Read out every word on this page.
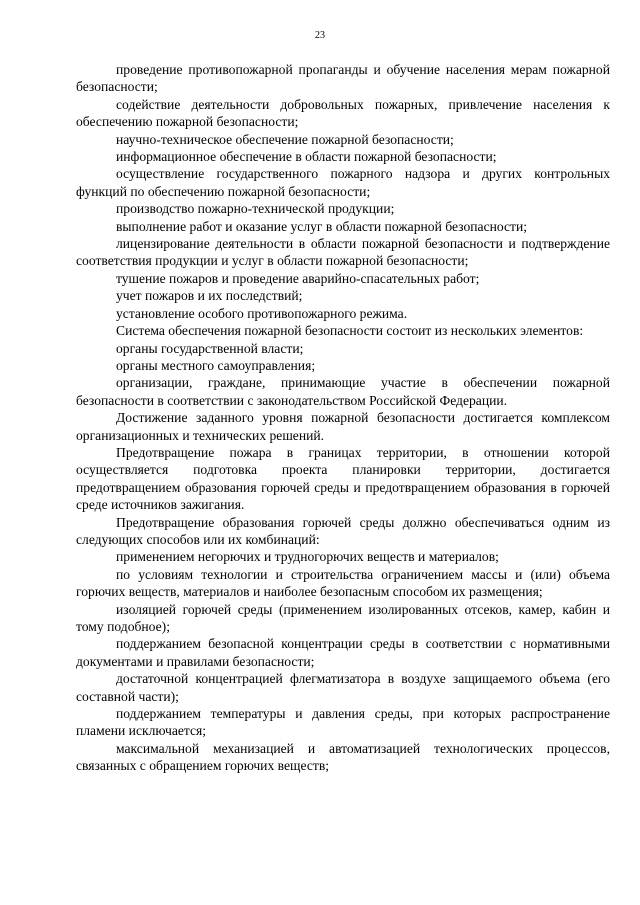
23

проведение противопожарной пропаганды и обучение населения мерам пожарной безопасности;

содействие деятельности добровольных пожарных, привлечение населения к обеспечению пожарной безопасности;

научно-техническое обеспечение пожарной безопасности;

информационное обеспечение в области пожарной безопасности;

осуществление государственного пожарного надзора и других контрольных функций по обеспечению пожарной безопасности;

производство пожарно-технической продукции;

выполнение работ и оказание услуг в области пожарной безопасности;

лицензирование деятельности в области пожарной безопасности и подтверждение соответствия продукции и услуг в области пожарной безопасности;

тушение пожаров и проведение аварийно-спасательных работ;

учет пожаров и их последствий;

установление особого противопожарного режима.

Система обеспечения пожарной безопасности состоит из нескольких элементов:

органы государственной власти;

органы местного самоуправления;

организации, граждане, принимающие участие в обеспечении пожарной безопасности в соответствии с законодательством Российской Федерации.

Достижение заданного уровня пожарной безопасности достигается комплексом организационных и технических решений.

Предотвращение пожара в границах территории, в отношении которой осуществляется подготовка проекта планировки территории, достигается предотвращением образования горючей среды и предотвращением образования в горючей среде источников зажигания.

Предотвращение образования горючей среды должно обеспечиваться одним из следующих способов или их комбинаций:

применением негорючих и трудногорючих веществ и материалов;

по условиям технологии и строительства ограничением массы и (или) объема горючих веществ, материалов и наиболее безопасным способом их размещения;

изоляцией горючей среды (применением изолированных отсеков, камер, кабин и тому подобное);

поддержанием безопасной концентрации среды в соответствии с нормативными документами и правилами безопасности;

достаточной концентрацией флегматизатора в воздухе защищаемого объема (его составной части);

поддержанием температуры и давления среды, при которых распространение пламени исключается;

максимальной механизацией и автоматизацией технологических процессов, связанных с обращением горючих веществ;
